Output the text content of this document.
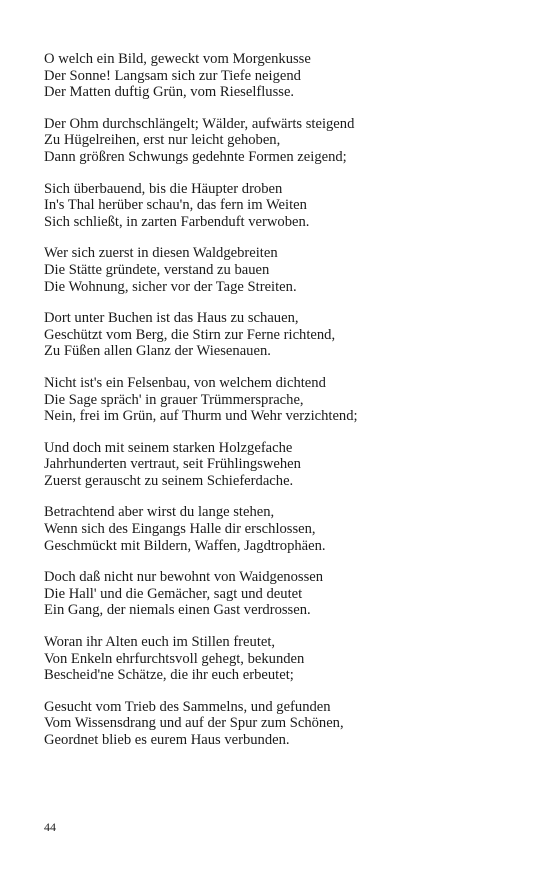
O welch ein Bild, geweckt vom Morgenkusse
Der Sonne! Langsam sich zur Tiefe neigend
Der Matten duftig Grün, vom Rieselflusse.
Der Ohm durchschlängelt; Wälder, aufwärts steigend
Zu Hügelreihen, erst nur leicht gehoben,
Dann größren Schwungs gedehnte Formen zeigend;
Sich überbauend, bis die Häupter droben
In's Thal herüber schau'n, das fern im Weiten
Sich schließt, in zarten Farbenduft verwoben.
Wer sich zuerst in diesen Waldgebreiten
Die Stätte gründete, verstand zu bauen
Die Wohnung, sicher vor der Tage Streiten.
Dort unter Buchen ist das Haus zu schauen,
Geschützt vom Berg, die Stirn zur Ferne richtend,
Zu Füßen allen Glanz der Wiesenauen.
Nicht ist's ein Felsenbau, von welchem dichtend
Die Sage spräch' in grauer Trümmersprache,
Nein, frei im Grün, auf Thurm und Wehr verzichtend;
Und doch mit seinem starken Holzgefache
Jahrhunderten vertraut, seit Frühlingswehen
Zuerst gerauscht zu seinem Schieferdache.
Betrachtend aber wirst du lange stehen,
Wenn sich des Eingangs Halle dir erschlossen,
Geschmückt mit Bildern, Waffen, Jagdtrophäen.
Doch daß nicht nur bewohnt von Waidgenossen
Die Hall' und die Gemächer, sagt und deutet
Ein Gang, der niemals einen Gast verdrossen.
Woran ihr Alten euch im Stillen freutet,
Von Enkeln ehrfurchtsvoll gehegt, bekunden
Bescheid'ne Schätze, die ihr euch erbeutet;
Gesucht vom Trieb des Sammelns, und gefunden
Vom Wissensdrang und auf der Spur zum Schönen,
Geordnet blieb es eurem Haus verbunden.
44
